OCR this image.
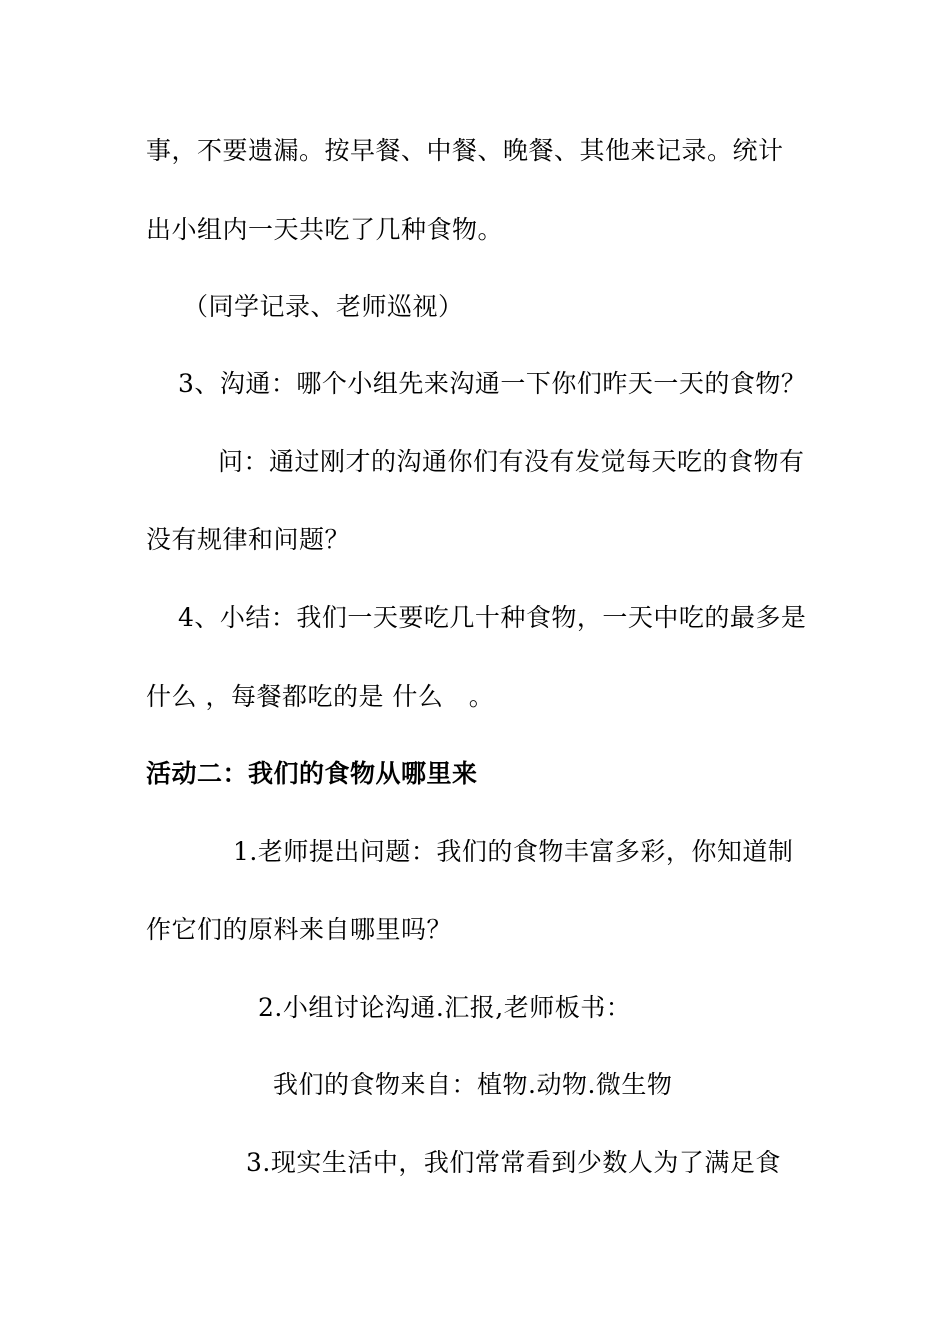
事，不要遗漏。按早餐、中餐、晚餐、其他来记录。统计
出小组内一天共吃了几种食物。
（同学记录、老师巡视）
3、沟通：哪个小组先来沟通一下你们昨天一天的食物？
问：通过刚才的沟通你们有没有发觉每天吃的食物有
没有规律和问题？
4、小结：我们一天要吃几十种食物，一天中吃的最多是
什么 ，每餐都吃的是 什么   。
活动二：我们的食物从哪里来
1.老师提出问题：我们的食物丰富多彩，你知道制
作它们的原料来自哪里吗？
2.小组讨论沟通.汇报,老师板书：
我们的食物来自：植物.动物.微生物
3.现实生活中，我们常常看到少数人为了满足食
